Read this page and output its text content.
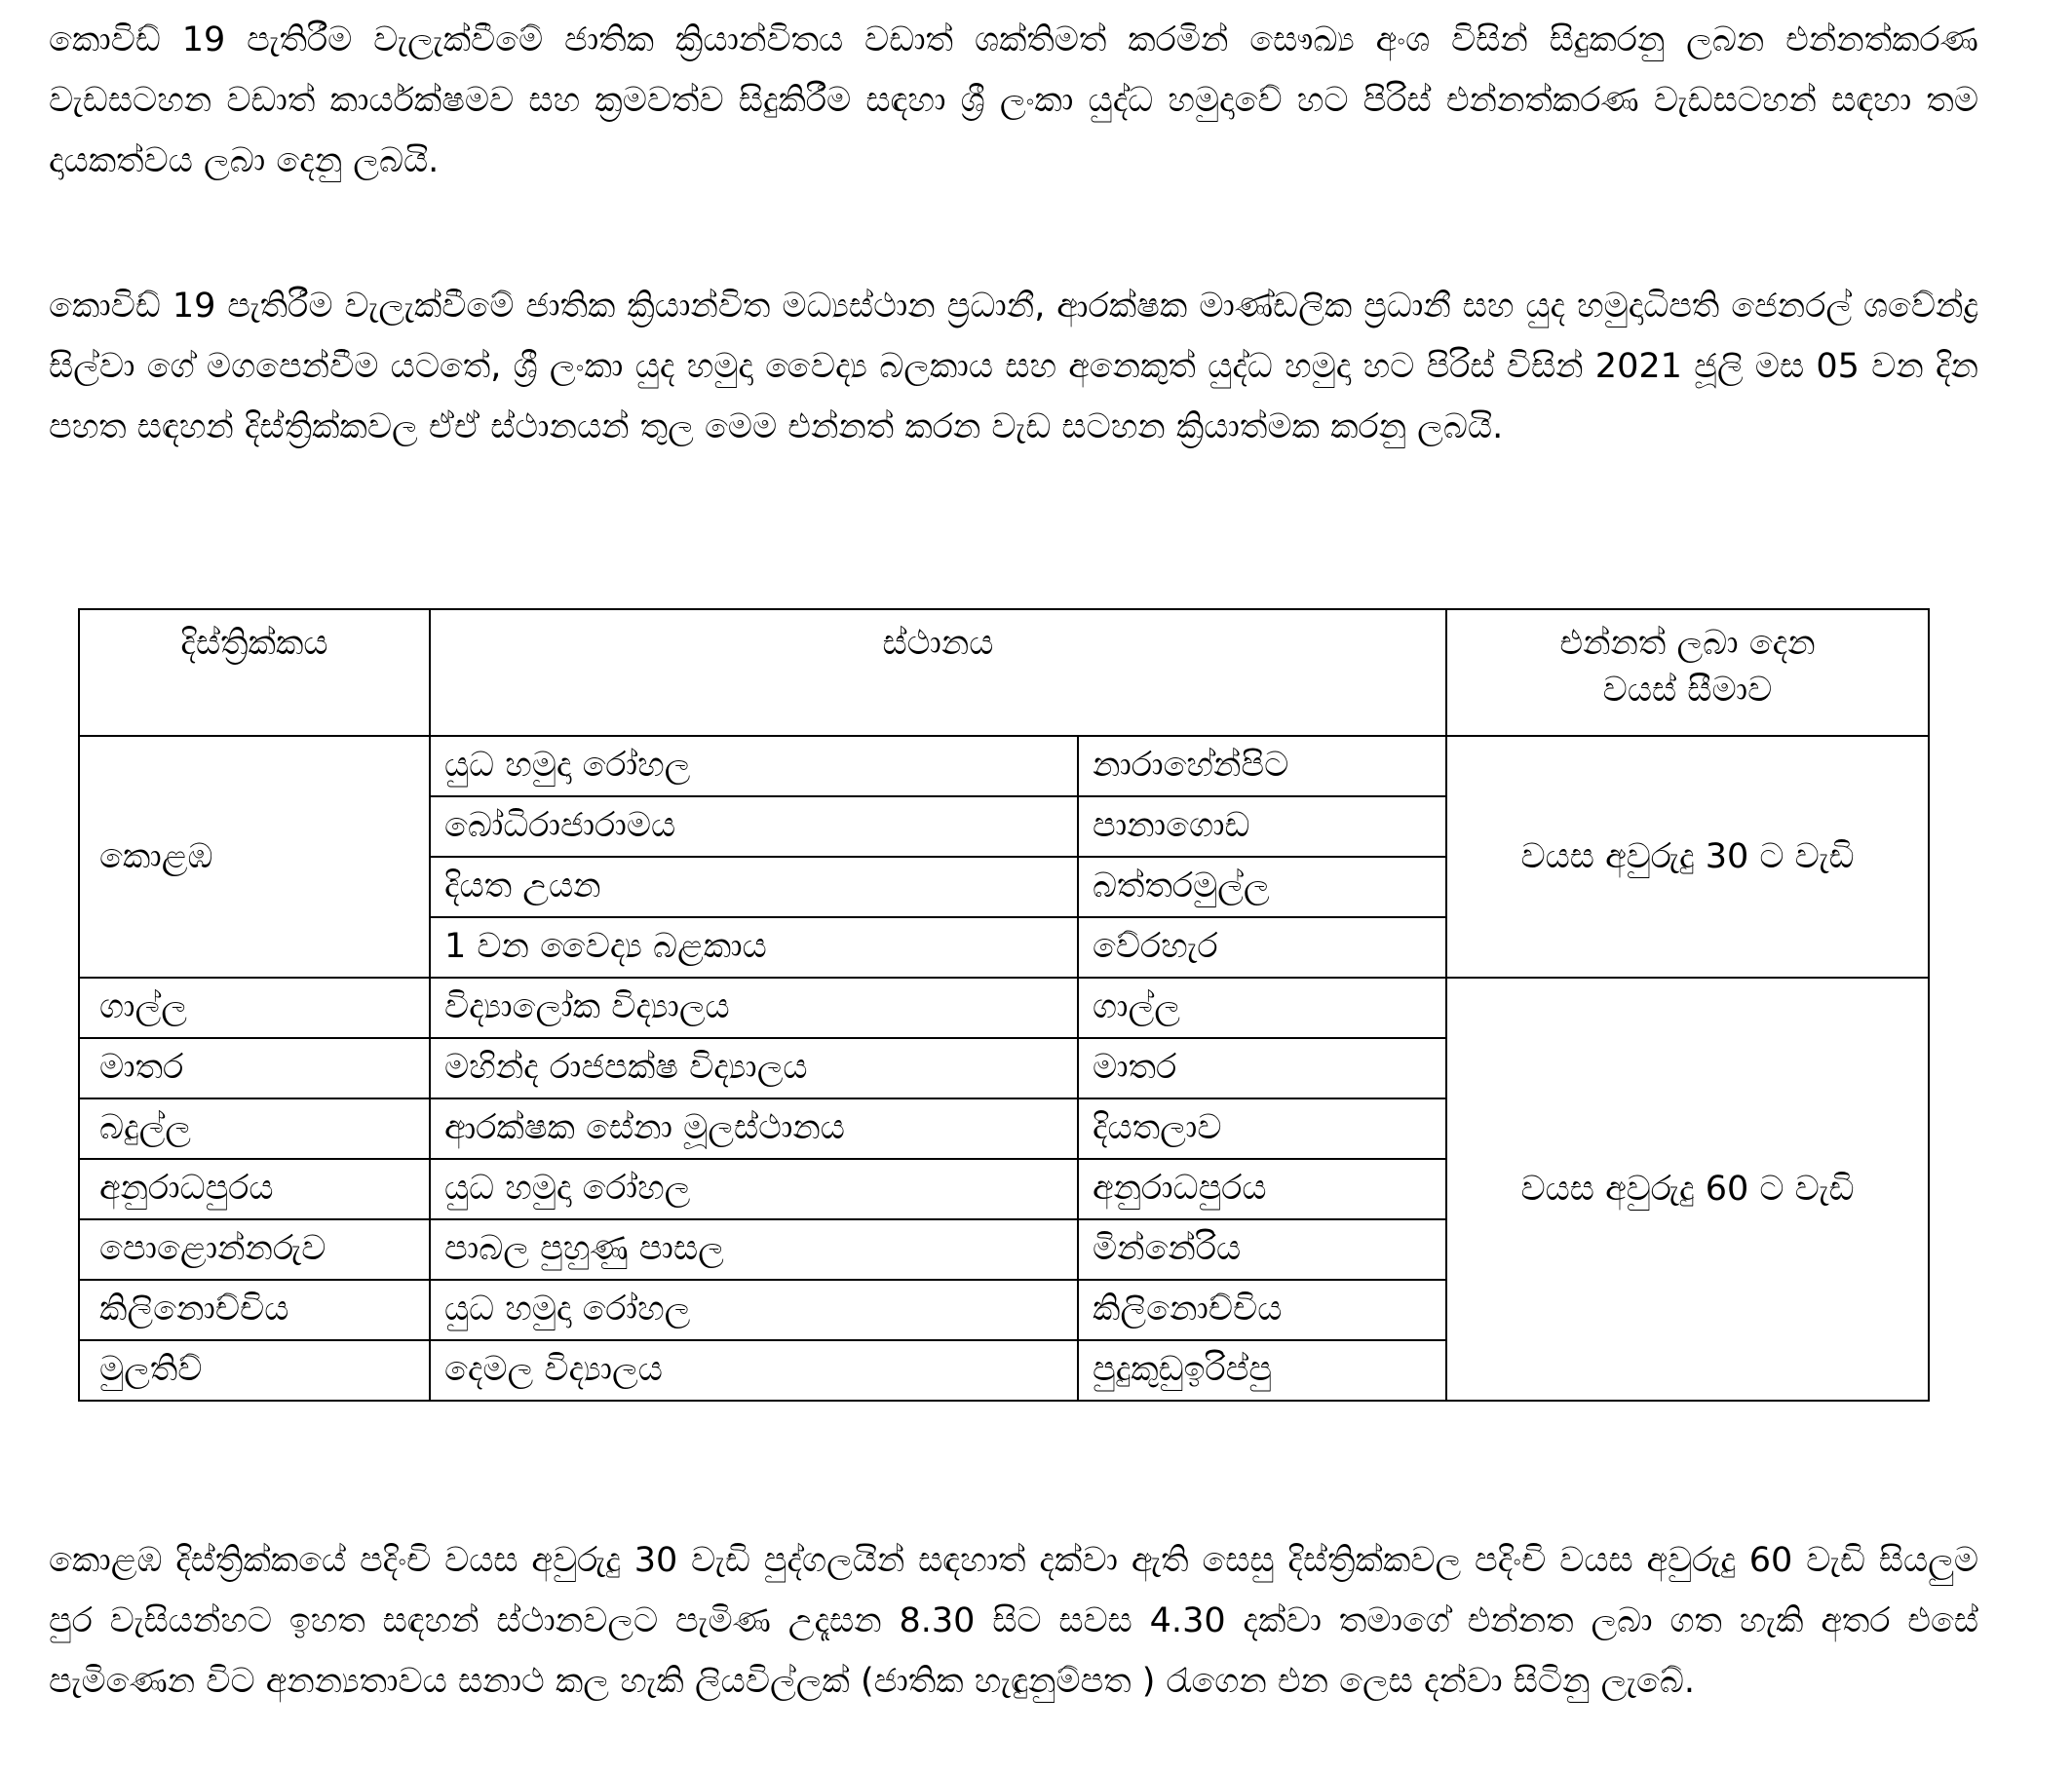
කොවිඩ් 19 පැතිරීම වැලැක්වීමේ ජාතික ක්‍රියාන්විතය වඩාත් ශක්තිමත් කරමින් සෞඛ්‍ය අංශ විසින් සිදුකරනු ලබන එන්නත්කරණ වැඩසටහන වඩාත් කාර්යක්ෂමව සහ ක්‍රමවත්ව සිදුකිරීම සඳහා ශ්‍රී ලංකා යුද්ධ හමුදාවේ හට පිරිස් එන්නත්කරණ වැඩසටහන් සඳහා තම දායකත්වය ලබා දෙනු ලබයි.

කොවිඩ් 19 පැතිරීම වැලැක්වීමේ ජාතික ක්‍රියාන්විත මධ්‍යස්ථාන ප්‍රධානී, ආරක්ෂක මාණ්ඩලික ප්‍රධානී සහ යුද හමුදාධිපති ජෙනරල් ශවේන්ද්‍ර සිල්වා ගේ මගපෙන්වීම යටතේ, ශ්‍රී ලංකා යුද හමුදා වෛද්‍ය බලකාය සහ අනෙකුත් යුද්ධ හමුදා හට පිරිස් විසින් 2021 ජූලි මස 05 වන දින පහත සඳහන් දිස්ත්‍රික්කවල ඒඒ ස්ථානයන් තුල මෙම එන්නත් කරන වැඩ සටහන ක්‍රියාත්මක කරනු ලබයි.

දිස්ත්‍රික්කය	ස්ථානය		එන්නත් ලබා දෙන
වයස් සීමාව
කොළඹ	යුධ හමුදා රෝහල	නාරාහේන්පිට	වයස අවුරුදු 30 ට වැඩි
	බෝධිරාජාරාමය	පානාගොඩ	
	දියත උයන	බත්තරමුල්ල	
	1 වන වෛද්‍ය බළකාය	වේරහැර	
ගාල්ල	විද්‍යාලෝක විද්‍යාලය	ගාල්ල	වයස අවුරුදු 60 ට වැඩි
මාතර	මහින්ද රාජපක්ෂ විද්‍යාලය	මාතර	
බදුල්ල	ආරක්ෂක සේනා මූලස්ථානය	දියතලාව	
අනුරාධපුරය	යුධ හමුදා රෝහල	අනුරාධපුරය	
පොළොන්නරුව	පාබල පුහුණු පාසල	මින්නේරිය	
කිලිනොච්චිය	යුධ හමුදා රෝහල	කිලිනොච්චිය	
මුලතිව්	දෙමල විද්‍යාලය	පුදුකුඩුඉරිප්පු	

කොළඹ දිස්ත්‍රික්කයේ පදිංචි වයස අවුරුදු 30 වැඩි පුද්ගලයින් සඳහාත් දක්වා ඇති සෙසු දිස්ත්‍රික්කවල පදිංචි වයස අවුරුදු 60 වැඩි සියලුම පුර වැසියන්හට ඉහත සඳහන් ස්ථානවලට පැමිණ උදෑසන 8.30 සිට සවස 4.30 දක්වා තමාගේ එන්නත ලබා ගත හැකි අතර එසේ පැමිණෙන විට අනන්‍යතාවය සනාථ කල හැකි ලියවිල්ලක් (ජාතික හැඳුනුම්පත ) රැගෙන එන ලෙස දන්වා සිටිනු ලැබේ.
